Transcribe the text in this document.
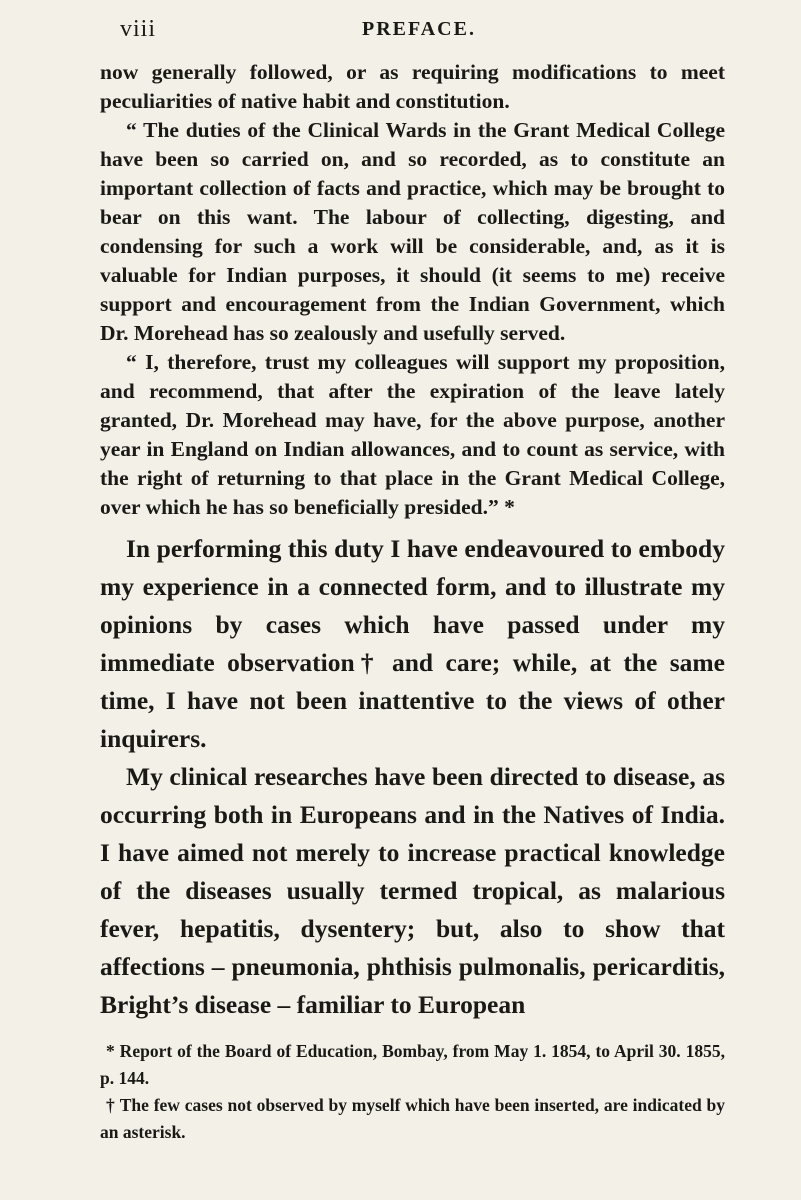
viii	PREFACE.

now generally followed, or as requiring modifications to meet peculiarities of native habit and constitution.

“ The duties of the Clinical Wards in the Grant Medical College have been so carried on, and so recorded, as to constitute an important collection of facts and practice, which may be brought to bear on this want. The labour of collecting, digesting, and condensing for such a work will be considerable, and, as it is valuable for Indian purposes, it should (it seems to me) receive support and encouragement from the Indian Government, which Dr. Morehead has so zealously and usefully served.

“ I, therefore, trust my colleagues will support my proposition, and recommend, that after the expiration of the leave lately granted, Dr. Morehead may have, for the above purpose, another year in England on Indian allowances, and to count as service, with the right of returning to that place in the Grant Medical College, over which he has so beneficially presided.” *

In performing this duty I have endeavoured to embody my experience in a connected form, and to illustrate my opinions by cases which have passed under my immediate observation† and care; while, at the same time, I have not been inattentive to the views of other inquirers.

My clinical researches have been directed to disease, as occurring both in Europeans and in the Natives of India. I have aimed not merely to increase practical knowledge of the diseases usually termed tropical, as malarious fever, hepatitis, dysentery; but, also to show that affections – pneumonia, phthisis pulmonalis, pericarditis, Bright’s disease – familiar to European

* Report of the Board of Education, Bombay, from May 1. 1854, to April 30. 1855, p. 144.

† The few cases not observed by myself which have been inserted, are indicated by an asterisk.
